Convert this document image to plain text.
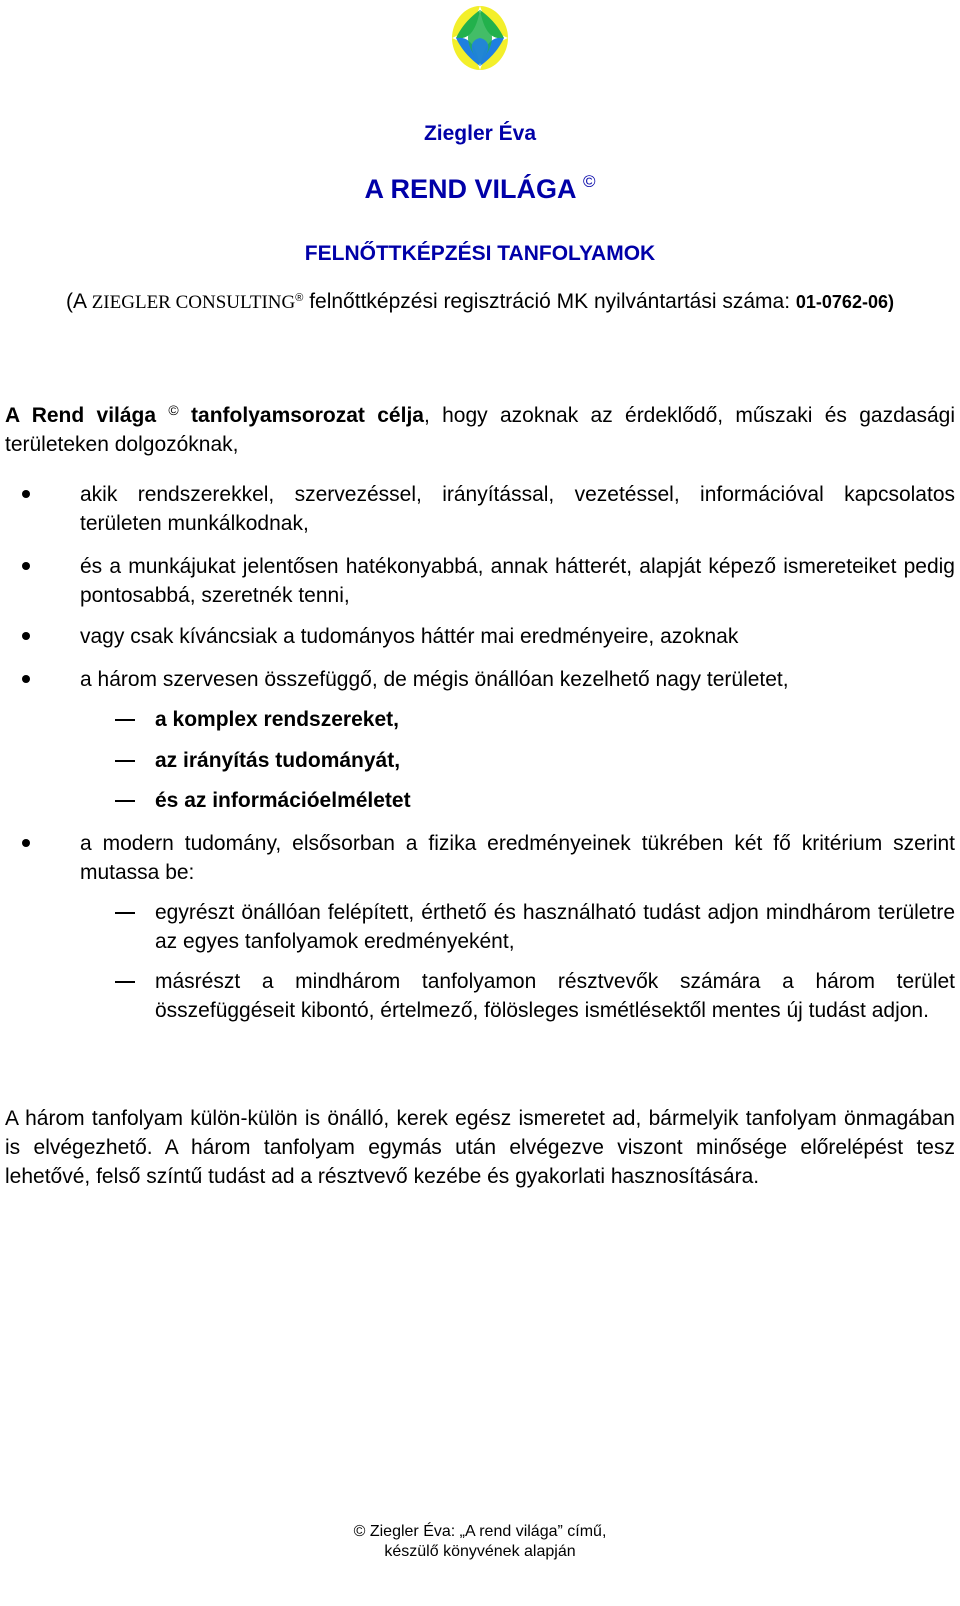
Ziegler Éva
A REND VILÁGA ©
FELNŐTTKÉPZÉSI TANFOLYAMOK
(A ZIEGLER CONSULTING® felnőttképzési regisztráció MK nyilvántartási száma: 01-0762-06)
A Rend világa © tanfolyamsorozat célja, hogy azoknak az érdeklődő, műszaki és gazdasági területeken dolgozóknak,
akik rendszerekkel, szervezéssel, irányítással, vezetéssel, információval kapcsolatos területen munkálkodnak,
és a munkájukat jelentősen hatékonyabbá, annak hátterét, alapját képező ismereteiket pedig pontosabbá, szeretnék tenni,
vagy csak kíváncsiak a tudományos háttér mai eredményeire, azoknak
a három szervesen összefüggő, de mégis önállóan kezelhető nagy területet,
a komplex rendszereket,
az irányítás tudományát,
és az információelméletet
a modern tudomány, elsősorban a fizika eredményeinek tükrében két fő kritérium szerint mutassa be:
egyrészt önállóan felépített, érthető és használható tudást adjon mindhárom területre az egyes tanfolyamok eredményeként,
másrészt a mindhárom tanfolyamon résztvevők számára a három terület összefüggéseit kibontó, értelmező, fölösleges ismétlésektől mentes új tudást adjon.
A három tanfolyam külön-külön is önálló, kerek egész ismeretet ad, bármelyik tanfolyam önmagában is elvégezhető. A három tanfolyam egymás után elvégezve viszont minősége előrelépést tesz lehetővé, felső színtű tudást ad a résztvevő kezébe és gyakorlati hasznosítására.
© Ziegler Éva: „A rend világa” című,
készülő könyvének alapján
